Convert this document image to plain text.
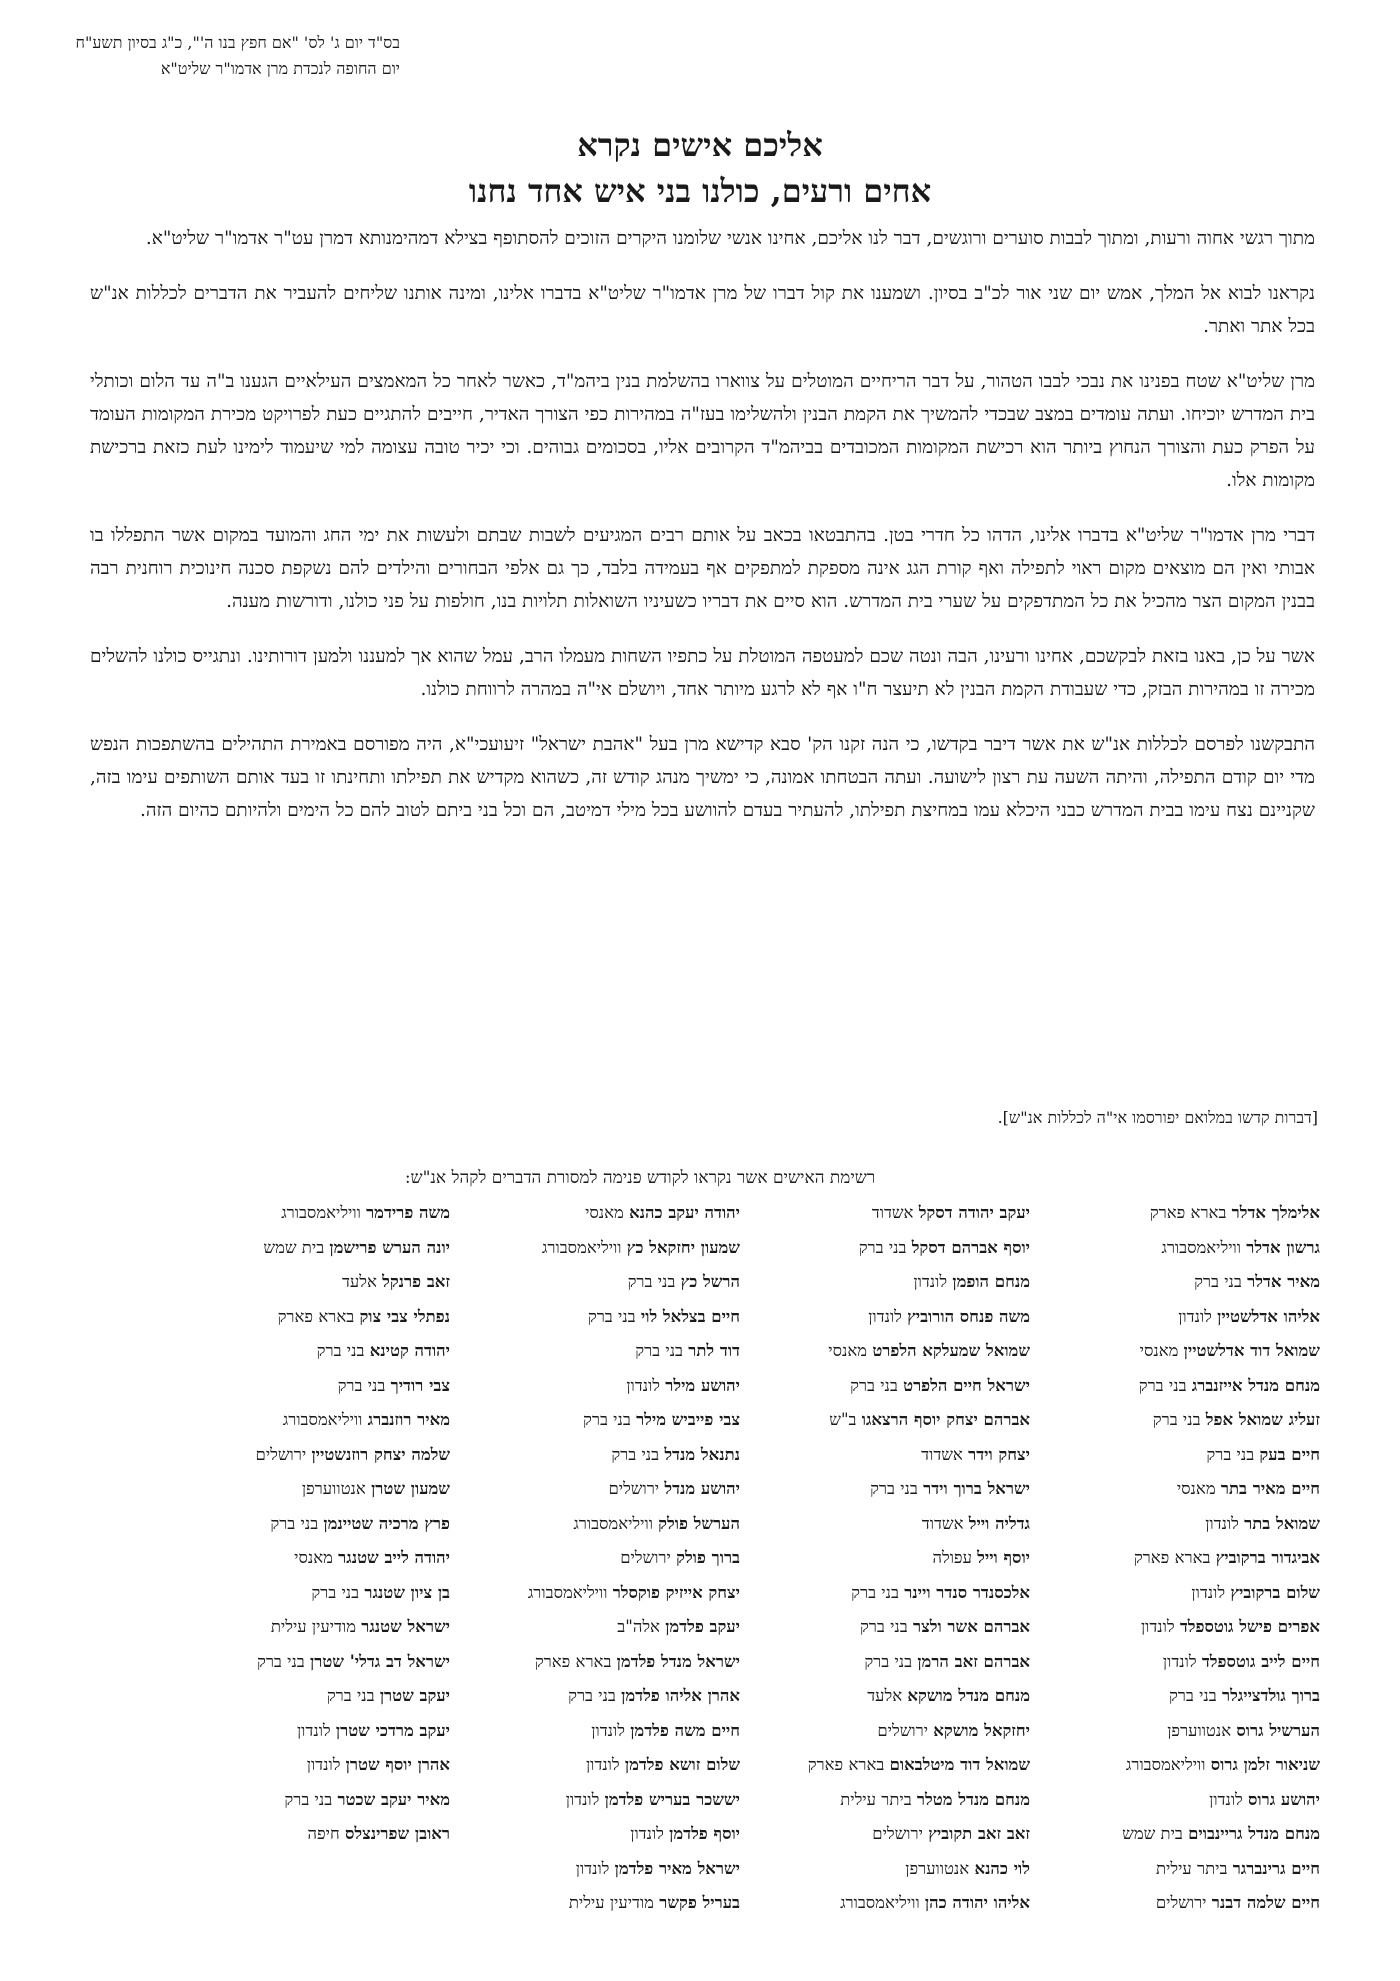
בס"ד יום ג' לס' "אם חפץ בנו ה'", כ"ג בסיון תשע"ח
יום החופה לנכדת מרן אדמו"ר שליט"א
אליכם אישים נקרא
אחים ורעים, כולנו בני איש אחד נחנו

מתוך רגשי אחוה ורעות, ומתוך לבבות סוערים ורוגשים, דבר לנו אליכם, אחינו אנשי שלומנו היקרים הזוכים להסתופף בצילא דמהימנותא דמרן עט"ר אדמו"ר שליט"א.

נקראנו לבוא אל המלך, אמש יום שני אור לכ"ב בסיון. ושמענו את קול דברו של מרן אדמו"ר שליט"א בדברו אלינו, ומינה אותנו שליחים להעביר את הדברים לכללות אנ"ש בכל אתר ואתר.

מרן שליט"א שטח בפנינו את נבכי לבבו הטהור, על דבר הריחיים המוטלים על צווארו בהשלמת בנין ביהמ"ד, כאשר לאחר כל המאמצים העילאיים הגענו ב"ה עד הלום וכותלי בית המדרש יוכיחו. ועתה עומדים במצב שבכדי להמשיך את הקמת הבנין ולהשלימו בעז"ה במהירות כפי הצורך האדיר, חייבים להתגיים כעת לפרויקט מכירת המקומות העומד על הפרק כעת והצורך הנחוץ ביותר הוא רכישת המקומות המכובדים בביהמ"ד הקרובים אליו, בסכומים גבוהים. וכי יכיר טובה עצומה למי שיעמוד לימינו לעת כזאת ברכישת מקומות אלו.

דברי מרן אדמו"ר שליט"א בדברו אלינו, הדהו כל חדרי בטן. בהתבטאו בכאב על אותם רבים המגיעים לשבות שבתם ולעשות את ימי החג והמועד במקום אשר התפללו בו אבותי ואין הם מוצאים מקום ראוי לתפילה ואף קורת הגג אינה מספקת למתפקים אף בעמידה בלבד, כך גם אלפי הבחורים והילדים להם נשקפת סכנה חינוכית רוחנית רבה בבנין המקום הצר מהכיל את כל המתדפקים על שערי בית המדרש. הוא סיים את דבריו כשעיניו השואלות תלויות בנו, חולפות על פני כולנו, ודורשות מענה.

אשר על כן, באנו בזאת לבקשכם, אחינו ורעינו, הבה ונטה שכם למעטפה המוטלת על כתפיו השחות מעמלו הרב, עמל שהוא אך למעננו ולמען דורותינו. ונתגייס כולנו להשלים מכירה זו במהירות הבזק, כדי שעבודת הקמת הבנין לא תיעצר ח"ו אף לא לרגע מיותר אחד, ויושלם אי"ה במהרה לרווחת כולנו.

התבקשנו לפרסם לכללות אנ"ש את אשר דיבר בקדשו, כי הנה זקנו הק' סבא קדישא מרן בעל "אהבת ישראל" זיעועכי"א, היה מפורסם באמירת התהילים בהשתפכות הנפש מדי יום קודם התפילה, והיתה השעה עת רצון לישועה. ועתה הבטחתו אמונה, כי ימשיך מנהג קודש זה, כשהוא מקדיש את תפילתו ותחינתו זו בעד אותם השותפים עימו בזה, שקניינם נצח עימו בבית המדרש כבני היכלא עמו במחיצת תפילתו, להעתיר בעדם להוושע בכל מילי דמיטב, הם וכל בני ביתם לטוב להם כל הימים ולהיותם כהיום הזה.

[דברות קדשו במלואם יפורסמו אי"ה לכללות אנ"ש].
רשימת האישים אשר נקראו לקודש פנימה למסורת הדברים לקהל אנ"ש:
אלימלך אדלר בארא פארק
גרשון אדלר וויליאמסבורג
מאיר אדלר בני ברק
אליהו אדלשטיין לונדון
שמואל דוד אדלשטיין מאנסי
מנחם מנדל אייזנברג בני ברק
זעליג שמואל אפל בני ברק
חיים בעק בני ברק
חיים מאיר בתר מאנסי
שמואל בתר לונדון
אביגדור ברקוביץ בארא פארק
שלום ברקוביץ לונדון
אפרים פישל גוטספלד לונדון
חיים לייב גוטספלד לונדון
ברוך גולדצייגלר בני ברק
הערשיל גרוס אנטווערפן
שניאור זלמן גרוס וויליאמסבורג
יהושע גרוס לונדון
מנחם מנדל גריינבוים בית שמש
חיים גרינברגר ביתר עילית
חיים שלמה דבנר ירושלים
יעקב יהודה דסקל אשדוד
יוסף אברהם דסקל בני ברק
מנחם הופמן לונדון
משה פנחס הורוביץ לונדון
שמואל שמעלקא הלפרט מאנסי
ישראל חיים הלפרט בני ברק
אברהם יצחק יוסף הרצאגו ב"ש
יצחק וידר אשדוד
ישראל ברוך וידר בני ברק
גדליה וייל אשדוד
יוסף וייל עפולה
אלכסנדר סנדר ויינר בני ברק
אברהם אשר ולצר בני ברק
אברהם זאב הרמן בני ברק
מנחם מנדל מושקא אלעד
יחזקאל מושקא ירושלים
שמואל דוד מיטלבאום בארא פארק
מנחם מנדל מטלר ביתר עילית
זאב זאב תקוביץ ירושלים
לוי כהנא אנטווערפן
אליהו יהודה כהן וויליאמסבורג
יהודה יעקב כהנא מאנסי
שמעון יחזקאל כץ וויליאמסבורג
הרשל כץ בני ברק
חיים בצלאל לוי בני ברק
דוד לתר בני ברק
יהושע מילר לונדון
צבי פייביש מילר בני ברק
נתנאל מנדל בני ברק
יהושע מנדל ירושלים
הערשל פולק וויליאמסבורג
ברוך פולק ירושלים
יצחק אייזיק פוקסלר וויליאמסבורג
יעקב פלדמן אלה"ב
ישראל מנדל פלדמן בארא פארק
אהרן אליהו פלדמן בני ברק
חיים משה פלדמן לונדון
שלום זושא פלדמן לונדון
יששכר בעריש פלדמן לונדון
יוסף פלדמן לונדון
ישראל מאיר פלדמן לונדון
בעריל פקשר מודיעין עילית
משה פרידמר וויליאמסבורג
יונה הערש פרישמן בית שמש
זאב פרנקל אלעד
נפתלי צבי צוק בארא פארק
יהודה קטינא בני ברק
צבי רודיך בני ברק
מאיר רוזנברג וויליאמסבורג
שלמה יצחק רוזנשטיין ירושלים
שמעון שטרן אנטווערפן
פרץ מרכיה שטיינמן בני ברק
יהודה לייב שטנגר מאנסי
בן ציון שטנגר בני ברק
ישראל שטנגר מודיעין עילית
ישראל דב גדלי' שטרן בני ברק
יעקב שטרן בני ברק
יעקב מרדכי שטרן לונדון
אהרן יוסף שטרן לונדון
מאיר יעקב שכטר בני ברק
ראובן שפרינצלס חיפה
